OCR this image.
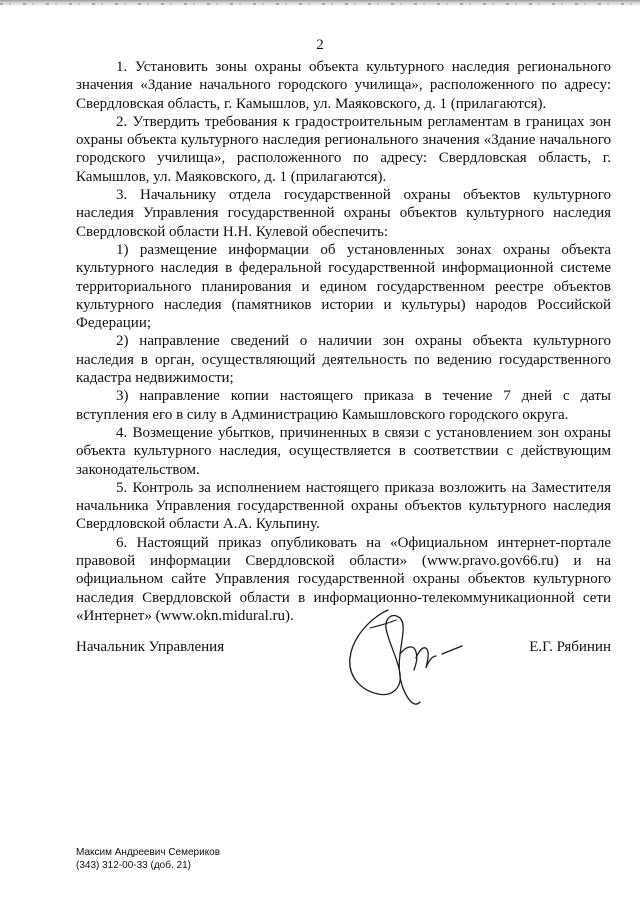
2

1. Установить зоны охраны объекта культурного наследия регионального значения «Здание начального городского училища», расположенного по адресу: Свердловская область, г. Камышлов, ул. Маяковского, д. 1 (прилагаются).

2. Утвердить требования к градостроительным регламентам в границах зон охраны объекта культурного наследия регионального значения «Здание начального городского училища», расположенного по адресу: Свердловская область, г. Камышлов, ул. Маяковского, д. 1 (прилагаются).

3. Начальнику отдела государственной охраны объектов культурного наследия Управления государственной охраны объектов культурного наследия Свердловской области Н.Н. Кулевой обеспечить:

1) размещение информации об установленных зонах охраны объекта культурного наследия в федеральной государственной информационной системе территориального планирования и едином государственном реестре объектов культурного наследия (памятников истории и культуры) народов Российской Федерации;

2) направление сведений о наличии зон охраны объекта культурного наследия в орган, осуществляющий деятельность по ведению государственного кадастра недвижимости;

3) направление копии настоящего приказа в течение 7 дней с даты вступления его в силу в Администрацию Камышловского городского округа.

4. Возмещение убытков, причиненных в связи с установлением зон охраны объекта культурного наследия, осуществляется в соответствии с действующим законодательством.

5. Контроль за исполнением настоящего приказа возложить на Заместителя начальника Управления государственной охраны объектов культурного наследия Свердловской области А.А. Кульпину.

6. Настоящий приказ опубликовать на «Официальном интернет-портале правовой информации Свердловской области» (www.pravo.gov66.ru) и на официальном сайте Управления государственной охраны объектов культурного наследия Свердловской области в информационно-телекоммуникационной сети «Интернет» (www.okn.midural.ru).

Начальник Управления	Е.Г. Рябинин
Максим Андреевич Семериков
(343) 312-00-33 (доб. 21)
